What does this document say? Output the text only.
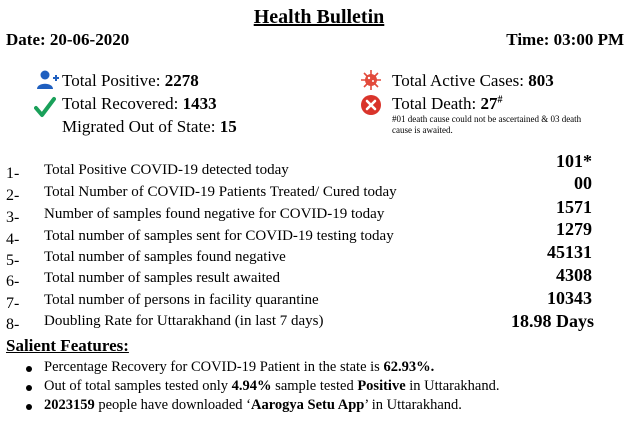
Health Bulletin
Date: 20-06-2020	Time: 03:00 PM
Total Positive: 2278
Total Recovered: 1433
Migrated Out of State: 15
Total Active Cases: 803
Total Death: 27#
#01 death cause could not be ascertained & 03 death cause is awaited.
1- Total Positive COVID-19 detected today	101*
2- Total Number of COVID-19 Patients Treated/ Cured today	00
3- Number of samples found negative for COVID-19 today	1571
4- Total number of samples sent for COVID-19 testing today	1279
5- Total number of samples found negative	45131
6- Total number of samples result awaited	4308
7- Total number of persons in facility quarantine	10343
8- Doubling Rate for Uttarakhand (in last 7 days)	18.98 Days
Salient Features:
Percentage Recovery for COVID-19 Patient in the state is 62.93%.
Out of total samples tested only 4.94% sample tested Positive in Uttarakhand.
2023159 people have downloaded ‘Aarogya Setu App’ in Uttarakhand.
